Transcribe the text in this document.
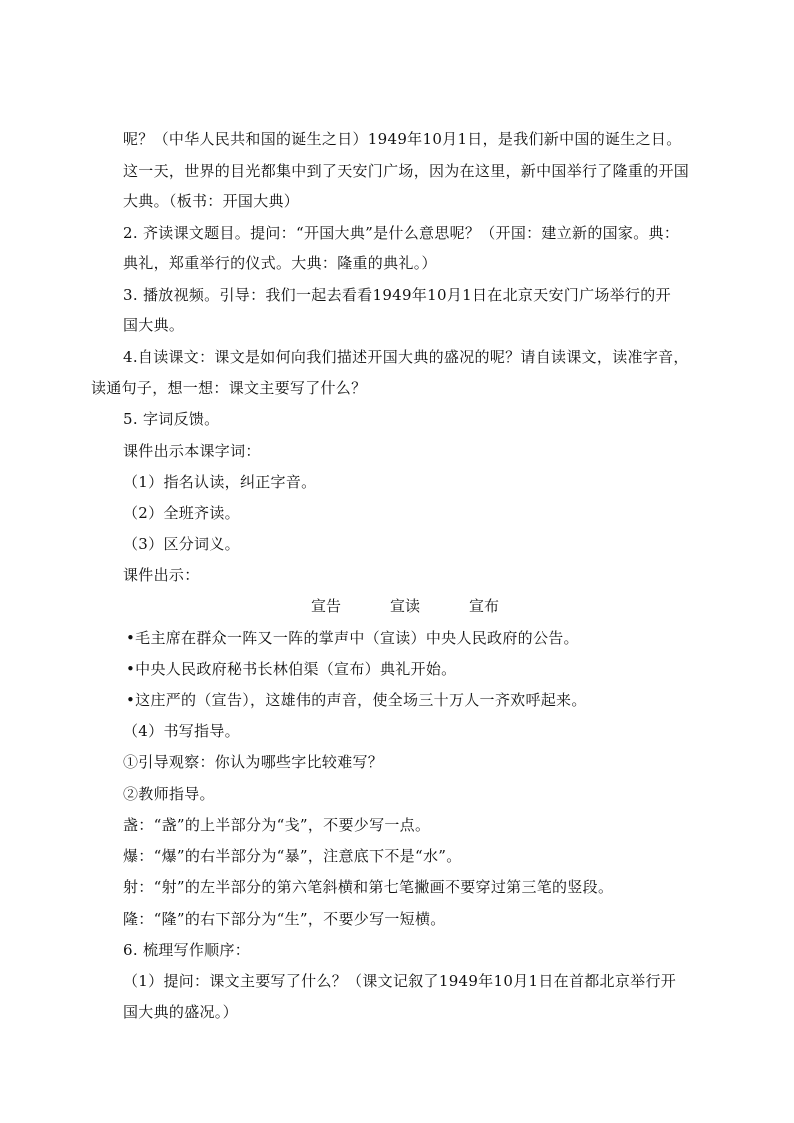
呢？（中华人民共和国的诞生之日）1949年10月1日，是我们新中国的诞生之日。
这一天，世界的目光都集中到了天安门广场，因为在这里，新中国举行了隆重的开国
大典。（板书：开国大典）
2. 齐读课文题目。提问：“开国大典”是什么意思呢？（开国：建立新的国家。典：
典礼，郑重举行的仪式。大典：隆重的典礼。）
3. 播放视频。引导：我们一起去看看1949年10月1日在北京天安门广场举行的开
国大典。
4.自读课文：课文是如何向我们描述开国大典的盛况的呢？请自读课文，读准字音，
读通句子，想一想：课文主要写了什么？
5. 字词反馈。
课件出示本课字词：
（1）指名认读，纠正字音。
（2）全班齐读。
（3）区分词义。
课件出示：
宣告	宣读	宣布
•毛主席在群众一阵又一阵的掌声中（宣读）中央人民政府的公告。
•中央人民政府秘书长林伯渠（宣布）典礼开始。
•这庄严的（宣告），这雄伟的声音，使全场三十万人一齐欢呼起来。
（4）书写指导。
①引导观察：你认为哪些字比较难写？
②教师指导。
盏：“盏”的上半部分为“戋”，不要少写一点。
爆：“爆”的右半部分为“暴”，注意底下不是“水”。
射：“射”的左半部分的第六笔斜横和第七笔撇画不要穿过第三笔的竖段。
隆：“隆”的右下部分为“生”，不要少写一短横。
6. 梳理写作顺序：
（1）提问：课文主要写了什么？（课文记叙了1949年10月1日在首都北京举行开
国大典的盛况。）
